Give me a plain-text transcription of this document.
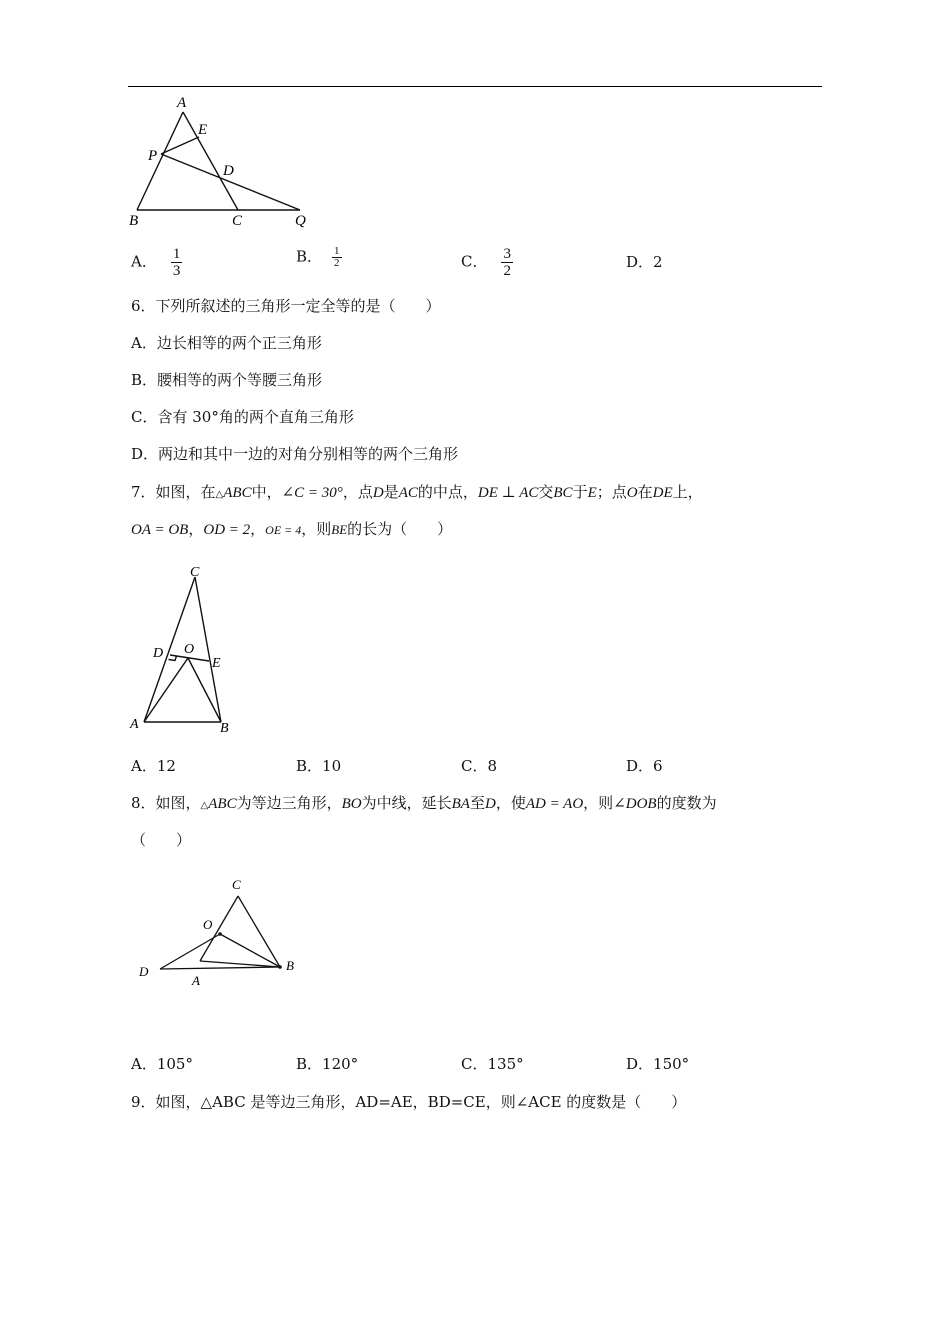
A
E
P
D
B	C	Q
A． $\frac{1}{3}$	B． $\frac{1}{2}$	C． $\frac{3}{2}$	D．2
6．下列所叙述的三角形一定全等的是（　　）
A．边长相等的两个正三角形
B．腰相等的两个等腰三角形
C．含有 30°角的两个直角三角形
D．两边和其中一边的对角分别相等的两个三角形
7．如图，在△ABC中，∠C = 30°，点D是AC的中点，DE ⊥ AC交BC于E；点O在DE上，
OA = OB，OD = 2，OE = 4，则BE的长为（　　）
C
D O
E
A	B
A．12	B．10	C．8	D．6
8．如图，△ABC为等边三角形，BO为中线，延长BA至D，使AD = AO，则∠DOB的度数为
（　　）
C
O
D
A
B
A．105°	B．120°	C．135°	D．150°
9．如图，△ABC 是等边三角形，AD=AE，BD=CE，则∠ACE 的度数是（　　）
